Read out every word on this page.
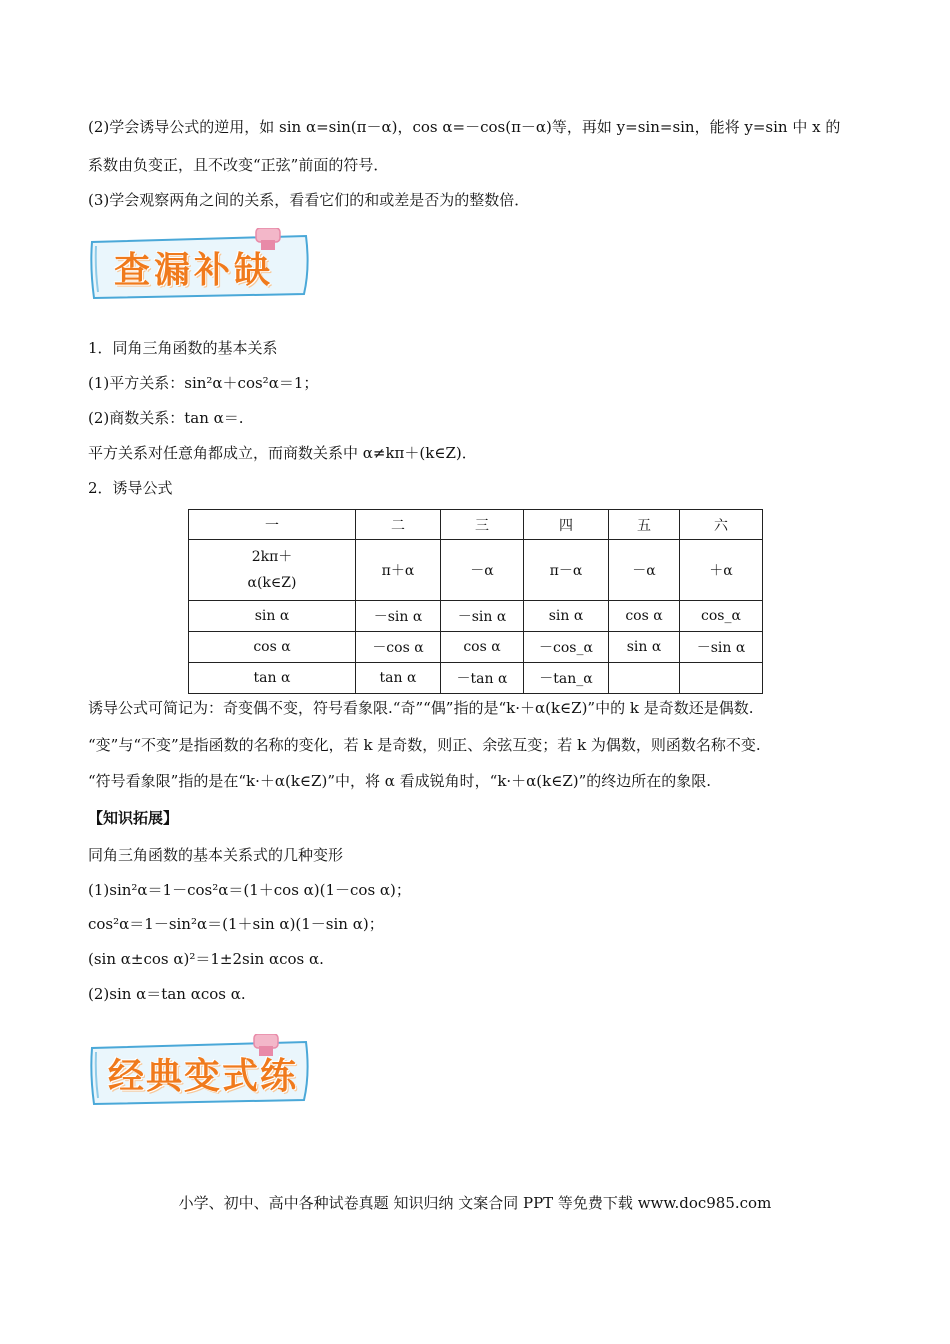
(2)学会诱导公式的逆用，如 sin α=sin(π－α)，cos α=－cos(π－α)等，再如 y=sin=sin，能将 y=sin 中 x 的
系数由负变正，且不改变“正弦”前面的符号．
(3)学会观察两角之间的关系，看看它们的和或差是否为的整数倍．
查漏补缺
1．同角三角函数的基本关系
(1)平方关系：sin²α＋cos²α＝1；
(2)商数关系：tan α＝.
平方关系对任意角都成立，而商数关系中 α≠kπ＋(k∈Z)．
2．诱导公式
一	二	三	四	五	六
2kπ＋
α(k∈Z)	π＋α	－α	π－α	－α	＋α
sin α	－sin α	－sin α	sin α	cos α	cos_α
cos α	－cos α	cos α	－cos_α	sin α	－sin α
tan α	tan α	－tan α	－tan_α		
诱导公式可简记为：奇变偶不变，符号看象限.“奇”“偶”指的是“k·＋α(k∈Z)”中的 k 是奇数还是偶数.
“变”与“不变”是指函数的名称的变化，若 k 是奇数，则正、余弦互变；若 k 为偶数，则函数名称不变.
“符号看象限”指的是在“k·＋α(k∈Z)”中，将 α 看成锐角时，“k·＋α(k∈Z)”的终边所在的象限.
【知识拓展】
同角三角函数的基本关系式的几种变形
(1)sin²α＝1－cos²α＝(1＋cos α)(1－cos α)；
cos²α＝1－sin²α＝(1＋sin α)(1－sin α)；
(sin α±cos α)²＝1±2sin αcos α.
(2)sin α＝tan αcos α.
经典变式练
小学、初中、高中各种试卷真题 知识归纳 文案合同 PPT 等免费下载 www.doc985.com
